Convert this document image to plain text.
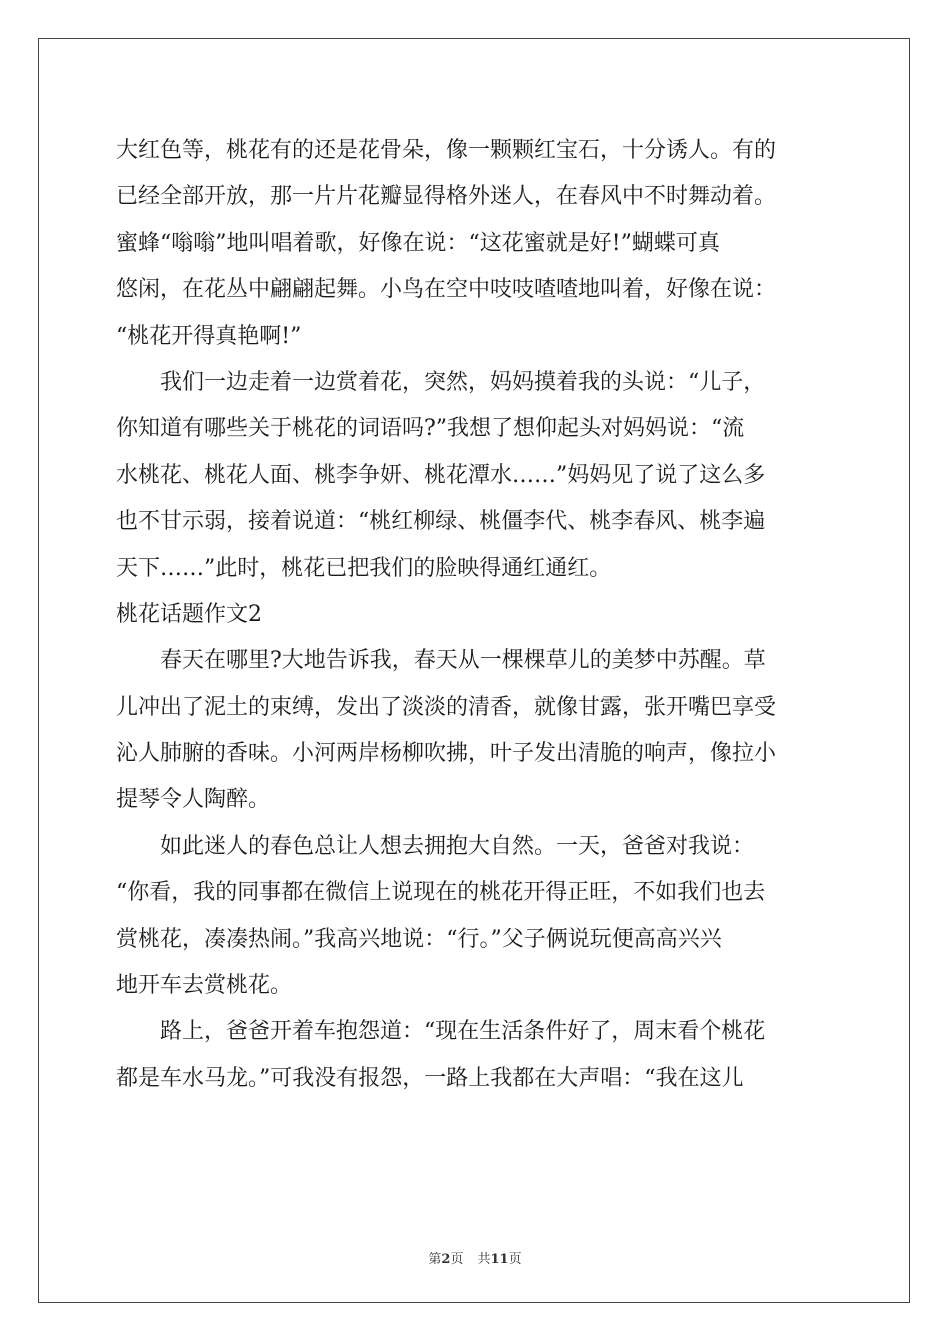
大红色等，桃花有的还是花骨朵，像一颗颗红宝石，十分诱人。有的
已经全部开放，那一片片花瓣显得格外迷人，在春风中不时舞动着。
蜜蜂“嗡嗡”地叫唱着歌，好像在说：“这花蜜就是好!”蝴蝶可真
悠闲，在花丛中翩翩起舞。小鸟在空中吱吱喳喳地叫着，好像在说：
“桃花开得真艳啊!”
　　我们一边走着一边赏着花，突然，妈妈摸着我的头说：“儿子，
你知道有哪些关于桃花的词语吗?”我想了想仰起头对妈妈说：“流
水桃花、桃花人面、桃李争妍、桃花潭水……”妈妈见了说了这么多
也不甘示弱，接着说道：“桃红柳绿、桃僵李代、桃李春风、桃李遍
天下……”此时，桃花已把我们的脸映得通红通红。
桃花话题作文2
　　春天在哪里?大地告诉我，春天从一棵棵草儿的美梦中苏醒。草
儿冲出了泥土的束缚，发出了淡淡的清香，就像甘露，张开嘴巴享受
沁人肺腑的香味。小河两岸杨柳吹拂，叶子发出清脆的响声，像拉小
提琴令人陶醉。
　　如此迷人的春色总让人想去拥抱大自然。一天，爸爸对我说：
“你看，我的同事都在微信上说现在的桃花开得正旺，不如我们也去
赏桃花，凑凑热闹。”我高兴地说：“行。”父子俩说玩便高高兴兴
地开车去赏桃花。
　　路上，爸爸开着车抱怨道：“现在生活条件好了，周末看个桃花
都是车水马龙。”可我没有报怨，一路上我都在大声唱：“我在这儿
第2页 共11页
